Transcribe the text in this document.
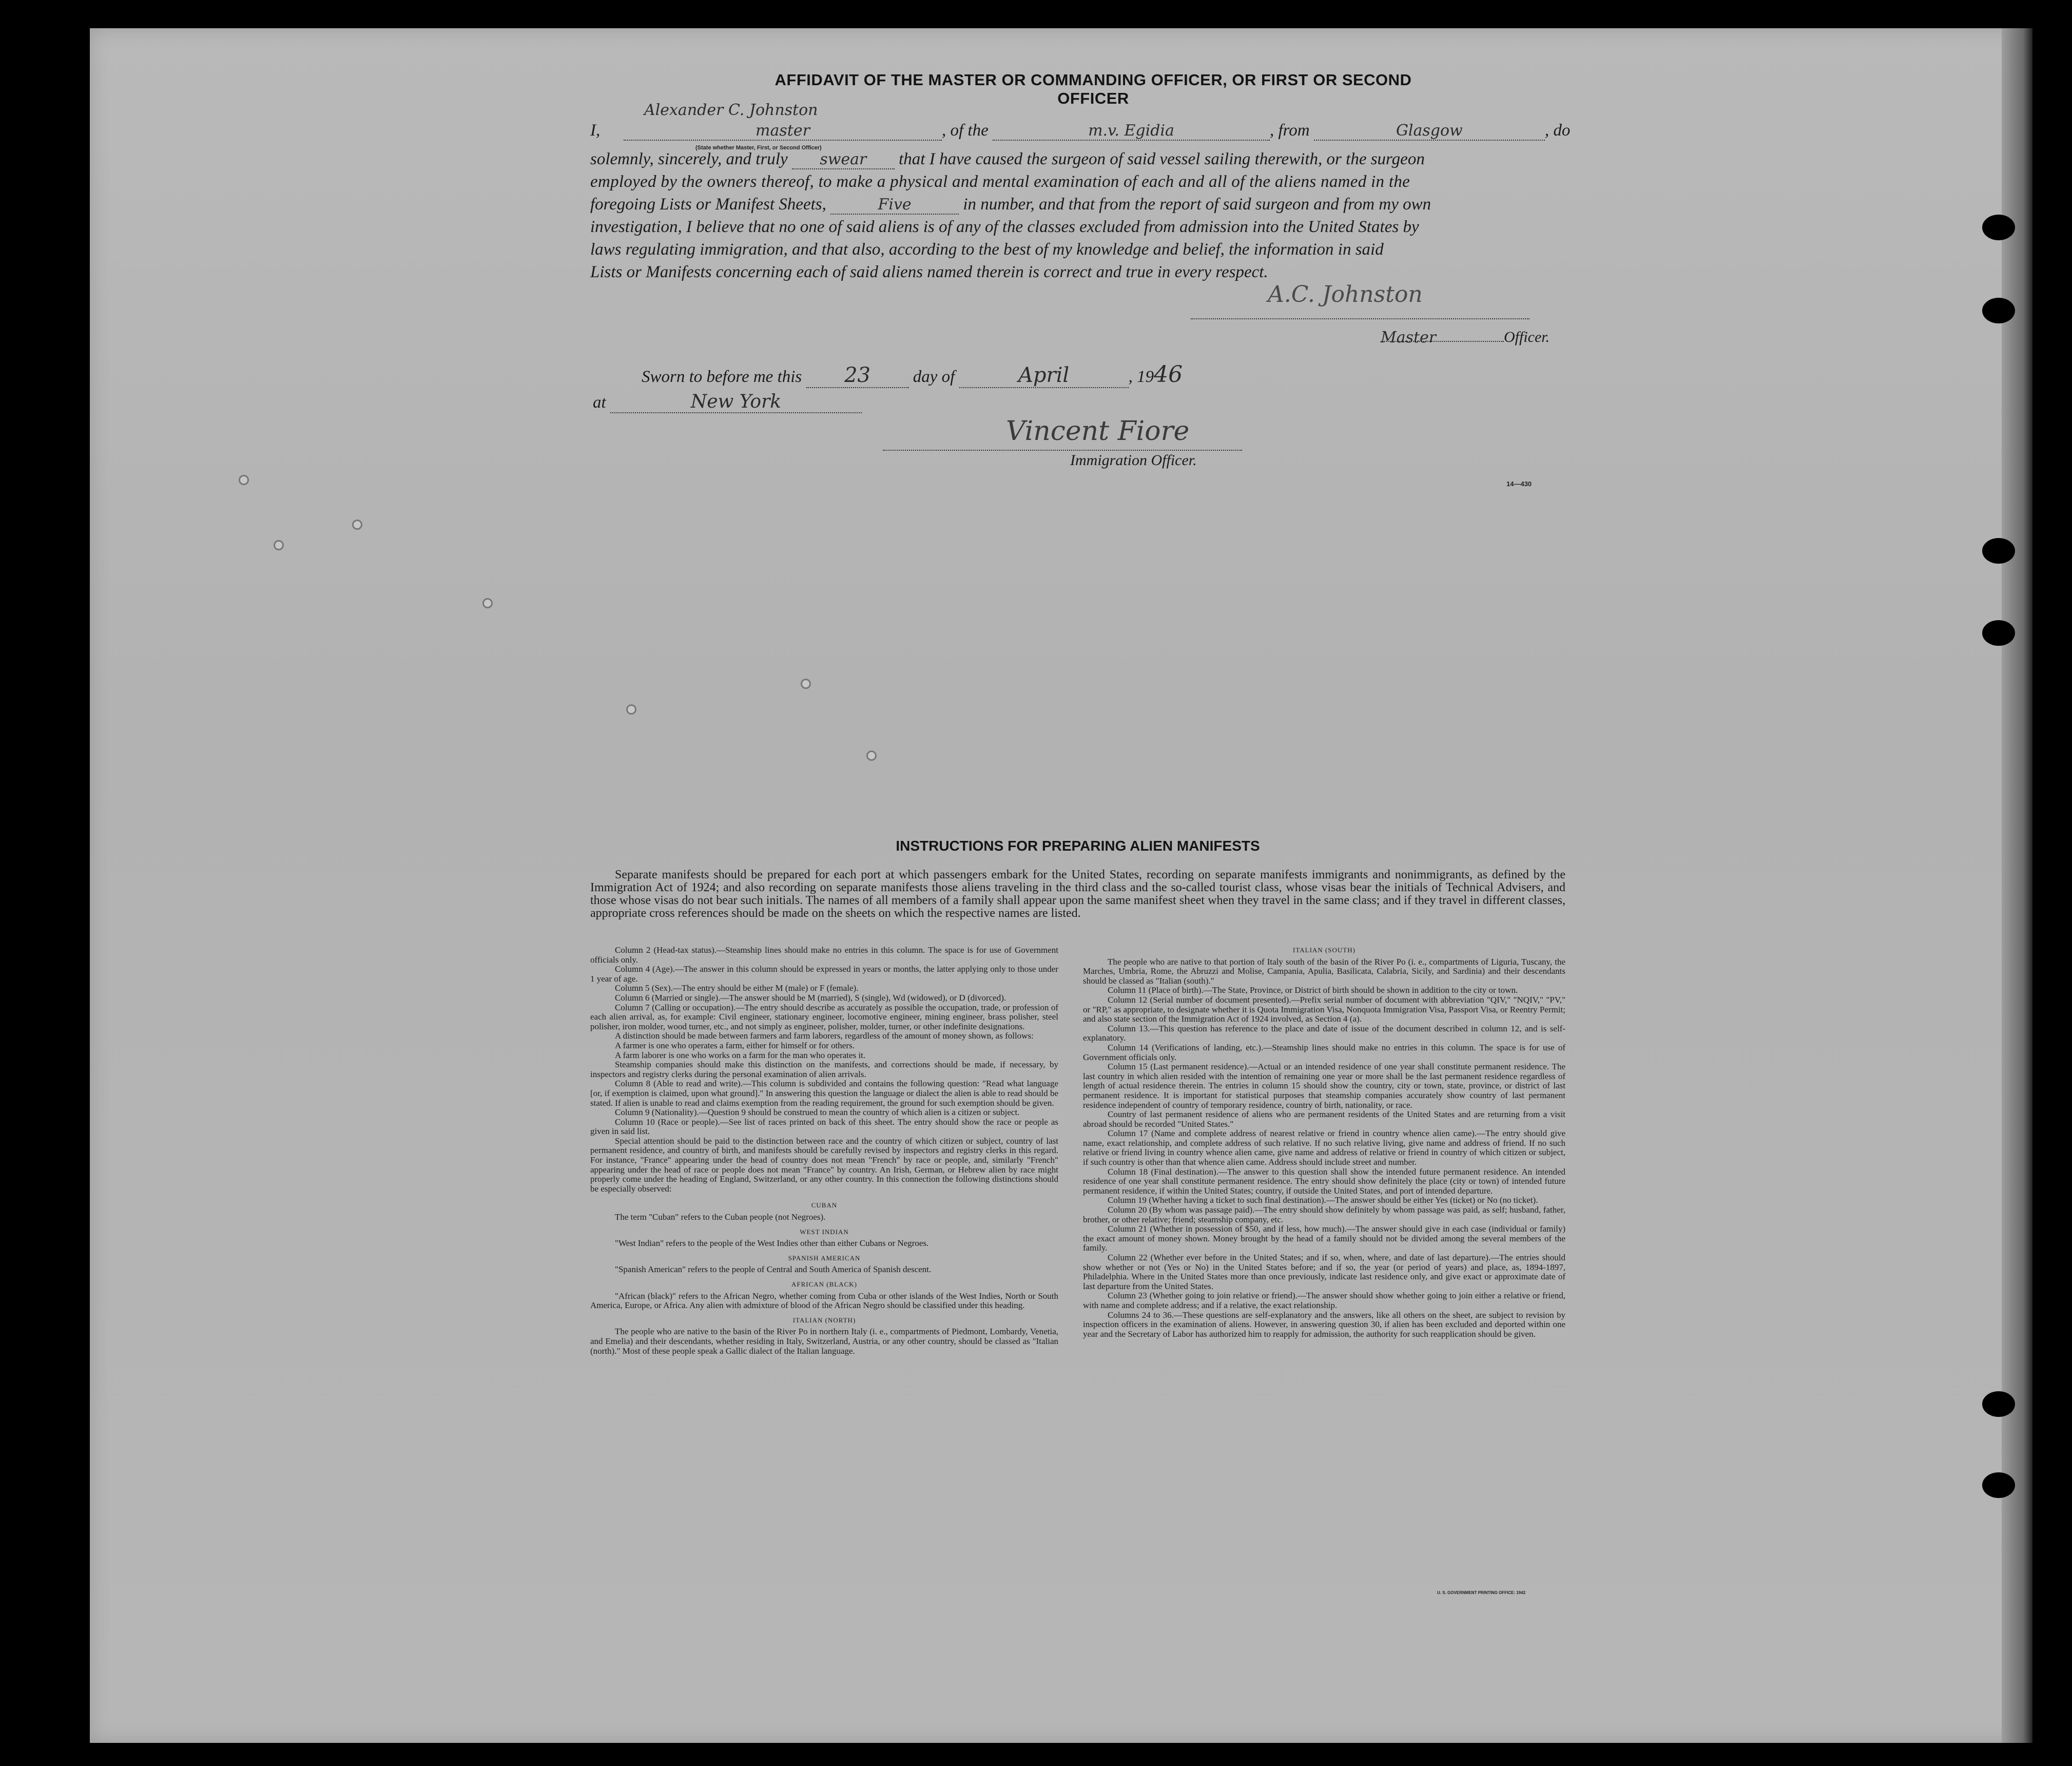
AFFIDAVIT OF THE MASTER OR COMMANDING OFFICER, OR FIRST OR SECOND OFFICER
I,
Alexander C. Johnston
master	, of the	m.v. Egidia	, from	Glasgow	, do
(State whether Master, First, or Second Officer)
solemnly, sincerely, and truly swear that I have caused the surgeon of said vessel sailing therewith, or the surgeon
employed by the owners thereof, to make a physical and mental examination of each and all of the aliens named in the
foregoing Lists or Manifest Sheets,	Five	in number, and that from the report of said surgeon and from my own
investigation, I believe that no one of said aliens is of any of the classes excluded from admission into the United States by
laws regulating immigration, and that also, according to the best of my knowledge and belief, the information in said
Lists or Manifests concerning each of said aliens named therein is correct and true in every respect.
A.C. Johnston
Master	Officer.
Sworn to before me this 23	day of	April	, 1946
at	New York
Vincent Fiore
Immigration Officer.
14—430
INSTRUCTIONS FOR PREPARING ALIEN MANIFESTS
Separate manifests should be prepared for each port at which passengers embark for the United States, recording on separate manifests immigrants and nonimmigrants, as defined by the Immigration Act of 1924; and also recording on separate manifests those aliens traveling in the third class and the so-called tourist class, whose visas bear the initials of Technical Advisers, and those whose visas do not bear such initials. The names of all members of a family shall appear upon the same manifest sheet when they travel in the same class; and if they travel in different classes, appropriate cross references should be made on the sheets on which the respective names are listed.

Column 2 (Head-tax status).—Steamship lines should make no entries in this column. The space is for use of Government officials only.

Column 4 (Age).—The answer in this column should be expressed in years or months, the latter applying only to those under 1 year of age.

Column 5 (Sex).—The entry should be either M (male) or F (female).

Column 6 (Married or single).—The answer should be M (married), S (single), Wd (widowed), or D (divorced).

Column 7 (Calling or occupation).—The entry should describe as accurately as possible the occupation, trade, or profession of each alien arrival, as, for example: Civil engineer, stationary engineer, locomotive engineer, mining engineer, brass polisher, steel polisher, iron molder, wood turner, etc., and not simply as engineer, polisher, molder, turner, or other indefinite designations.

A distinction should be made between farmers and farm laborers, regardless of the amount of money shown, as follows:

A farmer is one who operates a farm, either for himself or for others.

A farm laborer is one who works on a farm for the man who operates it.

Steamship companies should make this distinction on the manifests, and corrections should be made, if necessary, by inspectors and registry clerks during the personal examination of alien arrivals.

Column 8 (Able to read and write).—This column is subdivided and contains the following question: "Read what language [or, if exemption is claimed, upon what ground]." In answering this question the language or dialect the alien is able to read should be stated. If alien is unable to read and claims exemption from the reading requirement, the ground for such exemption should be given.

Column 9 (Nationality).—Question 9 should be construed to mean the country of which alien is a citizen or subject.

Column 10 (Race or people).—See list of races printed on back of this sheet. The entry should show the race or people as given in said list.

Special attention should be paid to the distinction between race and the country of which citizen or subject, country of last permanent residence, and country of birth, and manifests should be carefully revised by inspectors and registry clerks in this regard. For instance, "France" appearing under the head of country does not mean "French" by race or people, and, similarly "French" appearing under the head of race or people does not mean "France" by country. An Irish, German, or Hebrew alien by race might properly come under the heading of England, Switzerland, or any other country. In this connection the following distinctions should be especially observed:

CUBAN

The term "Cuban" refers to the Cuban people (not Negroes).

WEST INDIAN

"West Indian" refers to the people of the West Indies other than either Cubans or Negroes.

SPANISH AMERICAN

"Spanish American" refers to the people of Central and South America of Spanish descent.

AFRICAN (BLACK)

"African (black)" refers to the African Negro, whether coming from Cuba or other islands of the West Indies, North or South America, Europe, or Africa. Any alien with admixture of blood of the African Negro should be classified under this heading.

ITALIAN (NORTH)

The people who are native to the basin of the River Po in northern Italy (i. e., compartments of Piedmont, Lombardy, Venetia, and Emelia) and their descendants, whether residing in Italy, Switzerland, Austria, or any other country, should be classed as "Italian (north)." Most of these people speak a Gallic dialect of the Italian language.

ITALIAN (SOUTH)

The people who are native to that portion of Italy south of the basin of the River Po (i. e., compartments of Liguria, Tuscany, the Marches, Umbria, Rome, the Abruzzi and Molise, Campania, Apulia, Basilicata, Calabria, Sicily, and Sardinia) and their descendants should be classed as "Italian (south)."

Column 11 (Place of birth).—The State, Province, or District of birth should be shown in addition to the city or town.

Column 12 (Serial number of document presented).—Prefix serial number of document with abbreviation "QIV," "NQIV," "PV," or "RP," as appropriate, to designate whether it is Quota Immigration Visa, Nonquota Immigration Visa, Passport Visa, or Reentry Permit; and also state section of the Immigration Act of 1924 involved, as Section 4 (a).

Column 13.—This question has reference to the place and date of issue of the document described in column 12, and is self-explanatory.

Column 14 (Verifications of landing, etc.).—Steamship lines should make no entries in this column. The space is for use of Government officials only.

Column 15 (Last permanent residence).—Actual or an intended residence of one year shall constitute permanent residence. The last country in which alien resided with the intention of remaining one year or more shall be the last permanent residence regardless of length of actual residence therein. The entries in column 15 should show the country, city or town, state, province, or district of last permanent residence. It is important for statistical purposes that steamship companies accurately show country of last permanent residence independent of country of temporary residence, country of birth, nationality, or race.

Country of last permanent residence of aliens who are permanent residents of the United States and are returning from a visit abroad should be recorded "United States."

Column 17 (Name and complete address of nearest relative or friend in country whence alien came).—The entry should give name, exact relationship, and complete address of such relative. If no such relative living, give name and address of friend. If no such relative or friend living in country whence alien came, give name and address of relative or friend in country of which citizen or subject, if such country is other than that whence alien came. Address should include street and number.

Column 18 (Final destination).—The answer to this question shall show the intended future permanent residence. An intended residence of one year shall constitute permanent residence. The entry should show definitely the place (city or town) of intended future permanent residence, if within the United States; country, if outside the United States, and port of intended departure.

Column 19 (Whether having a ticket to such final destination).—The answer should be either Yes (ticket) or No (no ticket).

Column 20 (By whom was passage paid).—The entry should show definitely by whom passage was paid, as self; husband, father, brother, or other relative; friend; steamship company, etc.

Column 21 (Whether in possession of $50, and if less, how much).—The answer should give in each case (individual or family) the exact amount of money shown. Money brought by the head of a family should not be divided among the several members of the family.

Column 22 (Whether ever before in the United States; and if so, when, where, and date of last departure).—The entries should show whether or not (Yes or No) in the United States before; and if so, the year (or period of years) and place, as, 1894-1897, Philadelphia. Where in the United States more than once previously, indicate last residence only, and give exact or approximate date of last departure from the United States.

Column 23 (Whether going to join relative or friend).—The answer should show whether going to join either a relative or friend, with name and complete address; and if a relative, the exact relationship.

Columns 24 to 36.—These questions are self-explanatory and the answers, like all others on the sheet, are subject to revision by inspection officers in the examination of aliens. However, in answering question 30, if alien has been excluded and deported within one year and the Secretary of Labor has authorized him to reapply for admission, the authority for such reapplication should be given.

U. S. GOVERNMENT PRINTING OFFICE: 1942
